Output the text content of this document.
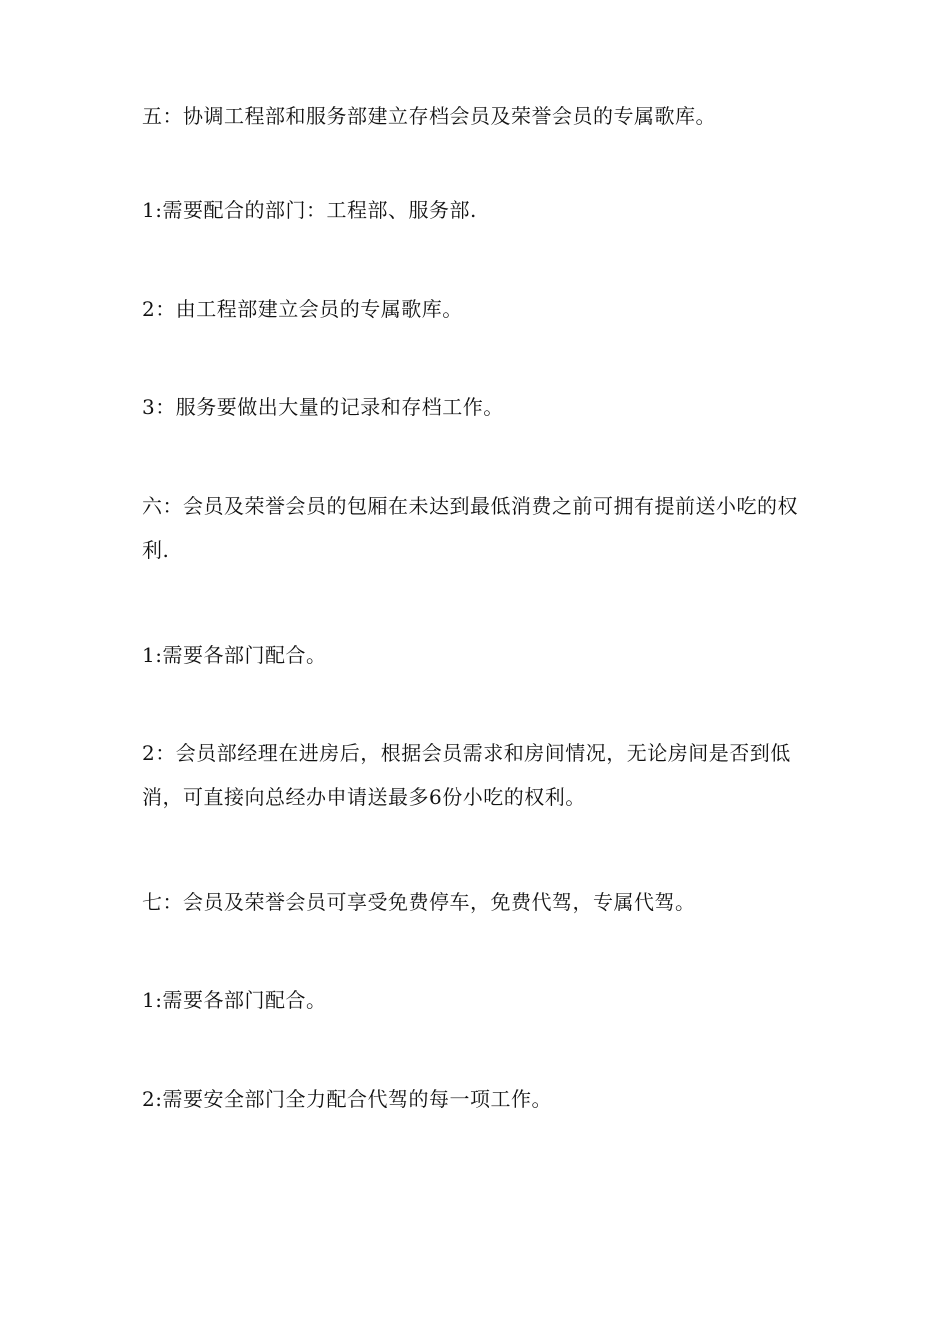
五：协调工程部和服务部建立存档会员及荣誉会员的专属歌库。

1:需要配合的部门：工程部、服务部.

2：由工程部建立会员的专属歌库。

3：服务要做出大量的记录和存档工作。

六：会员及荣誉会员的包厢在未达到最低消费之前可拥有提前送小吃的权利.

1:需要各部门配合。

2：会员部经理在进房后，根据会员需求和房间情况，无论房间是否到低消，可直接向总经办申请送最多6份小吃的权利。

七：会员及荣誉会员可享受免费停车，免费代驾，专属代驾。

1:需要各部门配合。

2:需要安全部门全力配合代驾的每一项工作。
